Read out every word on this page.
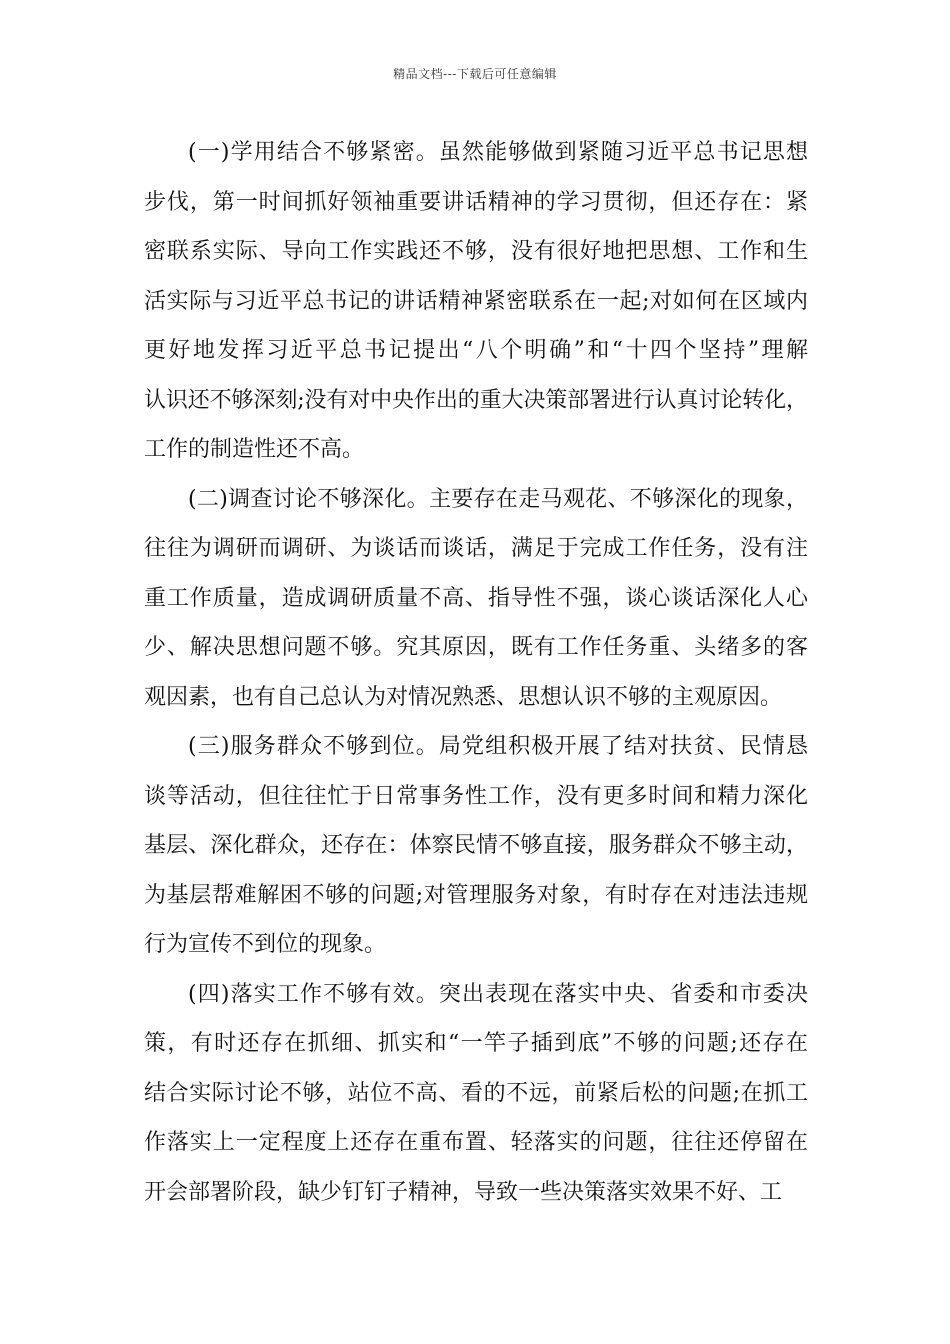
精品文档---下载后可任意编辑
(一)学用结合不够紧密。虽然能够做到紧随习近平总书记思想
步伐，第一时间抓好领袖重要讲话精神的学习贯彻，但还存在：紧
密联系实际、导向工作实践还不够，没有很好地把思想、工作和生
活实际与习近平总书记的讲话精神紧密联系在一起;对如何在区域内
更好地发挥习近平总书记提出“八个明确”和“十四个坚持”理解
认识还不够深刻;没有对中央作出的重大决策部署进行认真讨论转化，
工作的制造性还不高。
(二)调查讨论不够深化。主要存在走马观花、不够深化的现象，
往往为调研而调研、为谈话而谈话，满足于完成工作任务，没有注
重工作质量，造成调研质量不高、指导性不强，谈心谈话深化人心
少、解决思想问题不够。究其原因，既有工作任务重、头绪多的客
观因素，也有自己总认为对情况熟悉、思想认识不够的主观原因。
(三)服务群众不够到位。局党组积极开展了结对扶贫、民情恳
谈等活动，但往往忙于日常事务性工作，没有更多时间和精力深化
基层、深化群众，还存在：体察民情不够直接，服务群众不够主动，
为基层帮难解困不够的问题;对管理服务对象，有时存在对违法违规
行为宣传不到位的现象。
(四)落实工作不够有效。突出表现在落实中央、省委和市委决
策，有时还存在抓细、抓实和“一竿子插到底”不够的问题;还存在
结合实际讨论不够，站位不高、看的不远，前紧后松的问题;在抓工
作落实上一定程度上还存在重布置、轻落实的问题，往往还停留在
开会部署阶段，缺少钉钉子精神，导致一些决策落实效果不好、工
